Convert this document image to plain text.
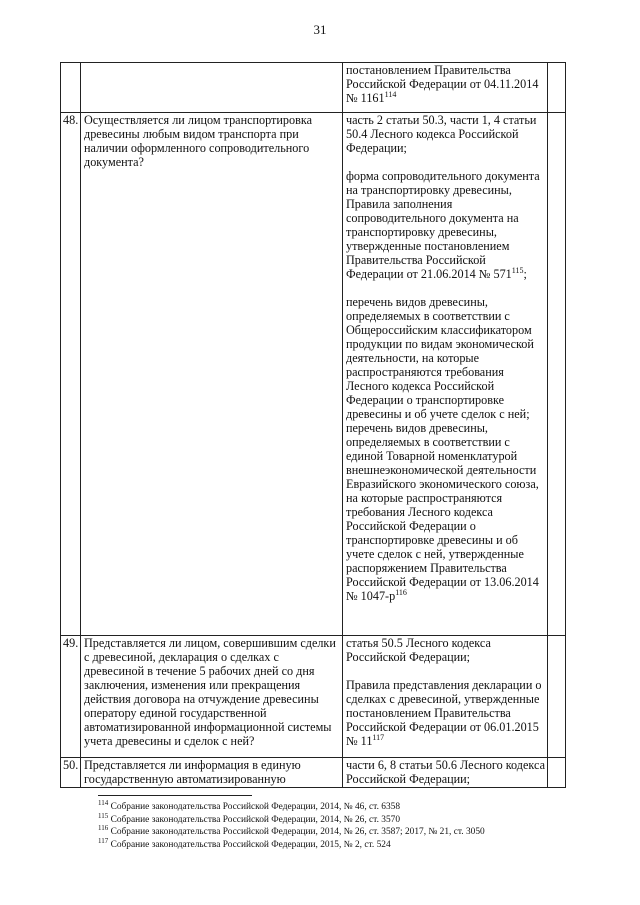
31
		постановлением Правительства Российской Федерации от 04.11.2014 № 1161$^{114}$	
48.	Осуществляется ли лицом транспортировка древесины любым видом транспорта при наличии оформленного сопроводительного документа?	часть 2 статьи 50.3, части 1, 4 статьи 50.4 Лесного кодекса Российской Федерации;
форма сопроводительного документа на транспортировку древесины, Правила заполнения сопроводительного документа на транспортировку древесины, утвержденные постановлением Правительства Российской Федерации от 21.06.2014 № $571^{115}$;
перечень видов древесины, определяемых в соответствии с Общероссийским классификатором продукции по видам экономической деятельности, на которые распространяются требования Лесного кодекса Российской Федерации о транспортировке древесины и об учете сделок с ней; перечень видов древесины, определяемых в соответствии с единой Товарной номенклатурой внешнеэкономической деятельности Евразийского экономического союза, на которые распространяются требования Лесного кодекса Российской Федерации о транспортировке древесины и об учете сделок с ней, утвержденные распоряжением Правительства Российской Федерации от 13.06.2014 № $1047-р^{116}$

49.	Представляется ли лицом, совершившим сделки с древесиной, декларация о сделках с древесиной в течение 5 рабочих дней со дня заключения, изменения или прекращения действия договора на отчуждение древесины оператору единой государственной автоматизированной информационной системы учета древесины и сделок с ней?	статья 50.5 Лесного кодекса Российской Федерации;
Правила представления декларации о сделках с древесиной, утвержденные постановлением Правительства Российской Федерации от 06.01.2015 № $11^{117}$

50.	Представляется ли информация в единую государственную автоматизированную	части 6, 8 статьи 50.6 Лесного кодекса Российской Федерации;	

$^{114}$ Собрание законодательства Российской Федерации, 2014, № 46, ст. 6358
$^{115}$ Собрание законодательства Российской Федерации, 2014, № 26, ст. 3570
$^{116}$ Собрание законодательства Российской Федерации, 2014, № 26, ст. 3587; 2017, № 21, ст. 3050
$^{117}$ Собрание законодательства Российской Федерации, 2015, № 2, ст. 524
